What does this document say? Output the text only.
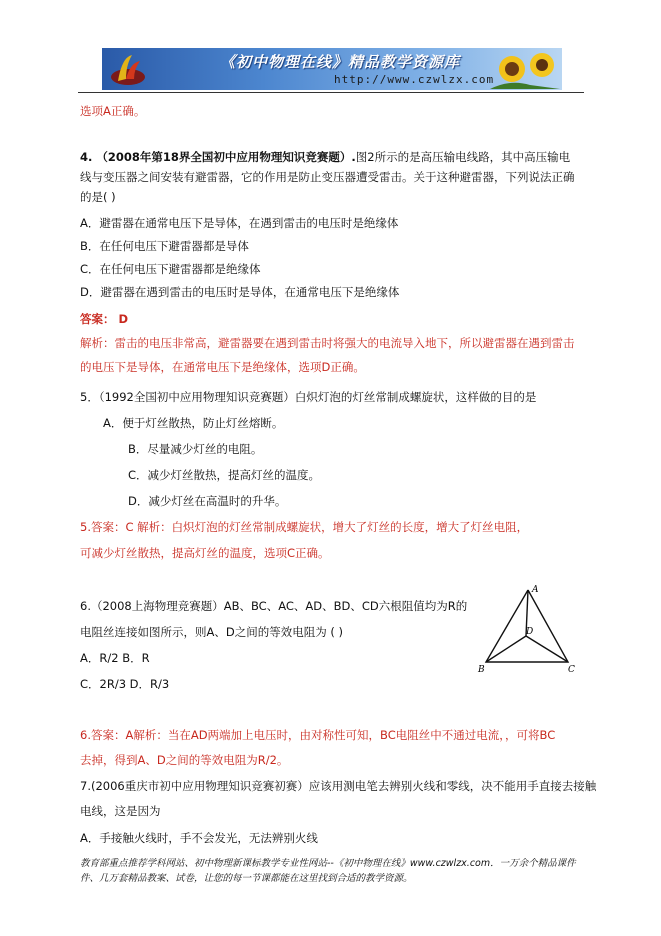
《初中物理在线》精品教学资源库
http://www.czwlzx.com
选项A正确。
4. （2008年第18界全国初中应用物理知识竞赛题）.图2所示的是高压输电线路，其中高压输电
线与变压器之间安装有避雷器，它的作用是防止变压器遭受雷击。关于这种避雷器，下列说法正确
的是( )
A．避雷器在通常电压下是导体，在遇到雷击的电压时是绝缘体
B．在任何电压下避雷器都是导体
C．在任何电压下避雷器都是绝缘体
D．避雷器在遇到雷击的电压时是导体，在通常电压下是绝缘体
答案： D
解析：雷击的电压非常高，避雷器要在遇到雷击时将强大的电流导入地下，所以避雷器在遇到雷击
的电压下是导体，在通常电压下是绝缘体，选项D正确。
5．（1992全国初中应用物理知识竞赛题）白炽灯泡的灯丝常制成螺旋状，这样做的目的是
A．便于灯丝散热，防止灯丝熔断。
B．尽量减少灯丝的电阻。
C．减少灯丝散热，提高灯丝的温度。
D．减少灯丝在高温时的升华。
5.答案：C 解析：白炽灯泡的灯丝常制成螺旋状，增大了灯丝的长度，增大了灯丝电阻，
可减少灯丝散热，提高灯丝的温度，选项C正确。
6.（2008上海物理竞赛题）AB、BC、AC、AD、BD、CD六根阻值均为R的
电阻丝连接如图所示，则A、D之间的等效电阻为 ( )
A．R/2 B．R
C．2R/3 D．R/3
A
B	C
D
6.答案：A解析：当在AD两端加上电压时，由对称性可知，BC电阻丝中不通过电流，，可将BC
去掉，得到A、D之间的等效电阻为R/2。
7.(2006重庆市初中应用物理知识竞赛初赛）应该用测电笔去辨别火线和零线，决不能用手直接去接触
电线，这是因为
A．手接触火线时，手不会发光，无法辨别火线
教育部重点推荐学科网站、初中物理新课标教学专业性网站--《初中物理在线》www.czwlzx.com．一万余个精品课件
件、几万套精品教案、试卷，让您的每一节课都能在这里找到合适的教学资源。
